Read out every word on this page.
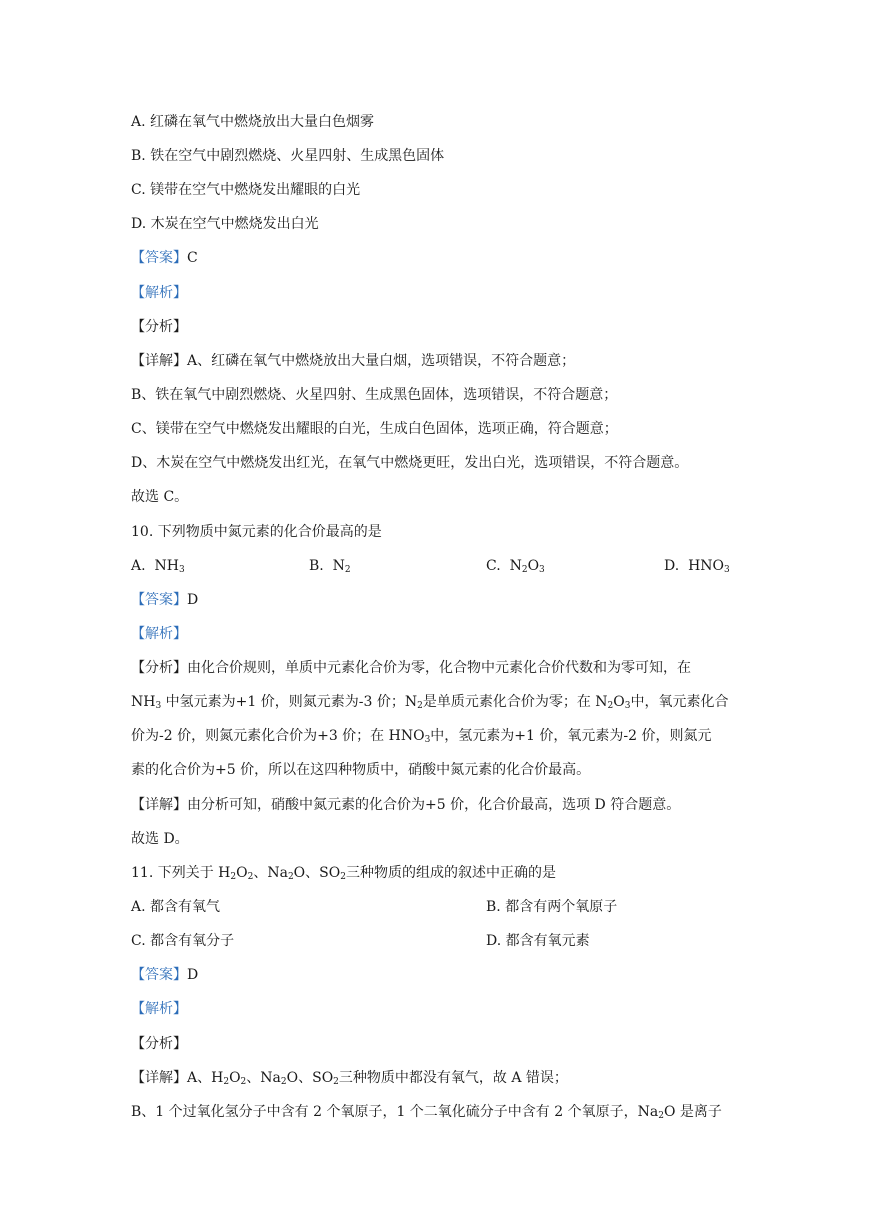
A. 红磷在氧气中燃烧放出大量白色烟雾
B. 铁在空气中剧烈燃烧、火星四射、生成黑色固体
C. 镁带在空气中燃烧发出耀眼的白光
D. 木炭在空气中燃烧发出白光
【答案】C
【解析】
【分析】
【详解】A、红磷在氧气中燃烧放出大量白烟，选项错误，不符合题意；
B、铁在氧气中剧烈燃烧、火星四射、生成黑色固体，选项错误，不符合题意；
C、镁带在空气中燃烧发出耀眼的白光，生成白色固体，选项正确，符合题意；
D、木炭在空气中燃烧发出红光，在氧气中燃烧更旺，发出白光，选项错误，不符合题意。
故选 C。
10. 下列物质中氮元素的化合价最高的是
A. $NH_3$	B. $N_2$	C. $N_2O_3$	D. $HNO_3$
【答案】D
【解析】
【分析】由化合价规则，单质中元素化合价为零，化合物中元素化合价代数和为零可知，在
$NH_3$ 中氢元素为+1 价，则氮元素为-3 价；$N_2$是单质元素化合价为零；在 $N_2O_3$中，氧元素化合
价为-2 价，则氮元素化合价为+3 价；在 $HNO_3$中，氢元素为+1 价，氧元素为-2 价，则氮元
素的化合价为+5 价，所以在这四种物质中，硝酸中氮元素的化合价最高。
【详解】由分析可知，硝酸中氮元素的化合价为+5 价，化合价最高，选项 D 符合题意。
故选 D。
11. 下列关于 $H_2O_2$、$Na_2O$、$SO_2$三种物质的组成的叙述中正确的是
A. 都含有氧气	B. 都含有两个氧原子
C. 都含有氧分子	D. 都含有氧元素
【答案】D
【解析】
【分析】
【详解】A、$H_2O_2$、$Na_2O$、$SO_2$三种物质中都没有氧气，故 A 错误；
B、1 个过氧化氢分子中含有 2 个氧原子，1 个二氧化硫分子中含有 2 个氧原子，$Na_2O$ 是离子
